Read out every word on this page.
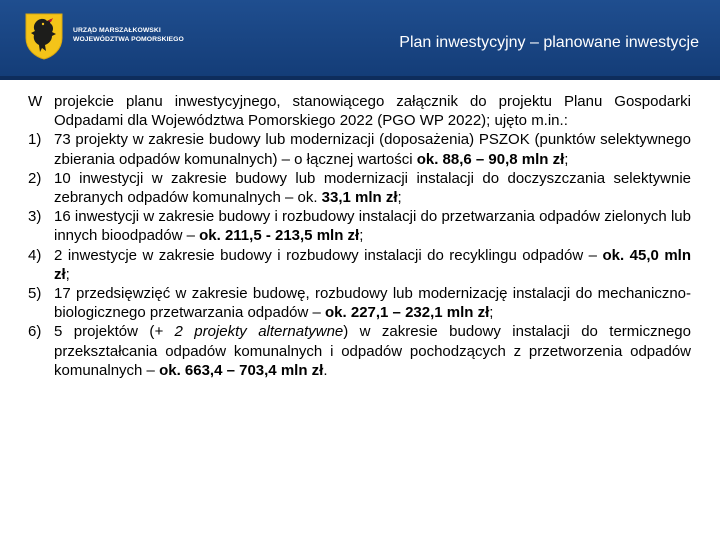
URZĄD MARSZAŁKOWSKI
WOJEWÓDZTWA POMORSKIEGO	Plan inwestycyjny – planowane inwestycje
W projekcie planu inwestycyjnego, stanowiącego załącznik do projektu Planu Gospodarki Odpadami dla Województwa Pomorskiego 2022 (PGO WP 2022); ujęto m.in.:
1) 73 projekty w zakresie budowy lub modernizacji (doposażenia) PSZOK (punktów selektywnego zbierania odpadów komunalnych) – o łącznej wartości ok. 88,6 – 90,8 mln zł;
2) 10 inwestycji w zakresie budowy lub modernizacji instalacji do doczyszczania selektywnie zebranych odpadów komunalnych – ok. 33,1 mln zł;
3) 16 inwestycji w zakresie budowy i rozbudowy instalacji do przetwarzania odpadów zielonych lub innych bioodpadów – ok. 211,5 - 213,5 mln zł;
4) 2 inwestycje w zakresie budowy i rozbudowy instalacji do recyklingu odpadów – ok. 45,0 mln zł;
5) 17 przedsięwzięć w zakresie budowę, rozbudowy lub modernizację instalacji do mechaniczno-biologicznego przetwarzania odpadów – ok. 227,1 – 232,1 mln zł;
6) 5 projektów (+ 2 projekty alternatywne) w zakresie budowy instalacji do termicznego przekształcania odpadów komunalnych i odpadów pochodzących z przetworzenia odpadów komunalnych – ok. 663,4 – 703,4 mln zł.
